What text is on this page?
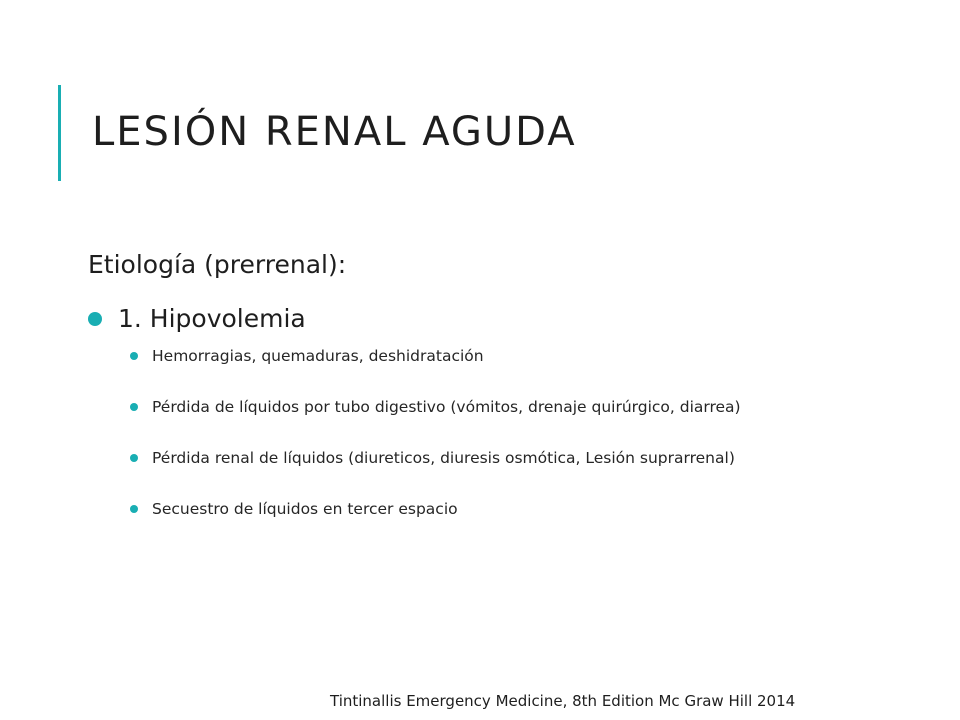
LESIÓN RENAL AGUDA

Etiología (prerrenal):

1. Hipovolemia
Hemorragias, quemaduras, deshidratación
Pérdida de líquidos por tubo digestivo (vómitos, drenaje quirúrgico, diarrea)
Pérdida renal de líquidos (diureticos, diuresis osmótica, Lesión suprarrenal)
Secuestro de líquidos en tercer espacio
Tintinallis Emergency Medicine, 8th Edition Mc Graw Hill 2014
